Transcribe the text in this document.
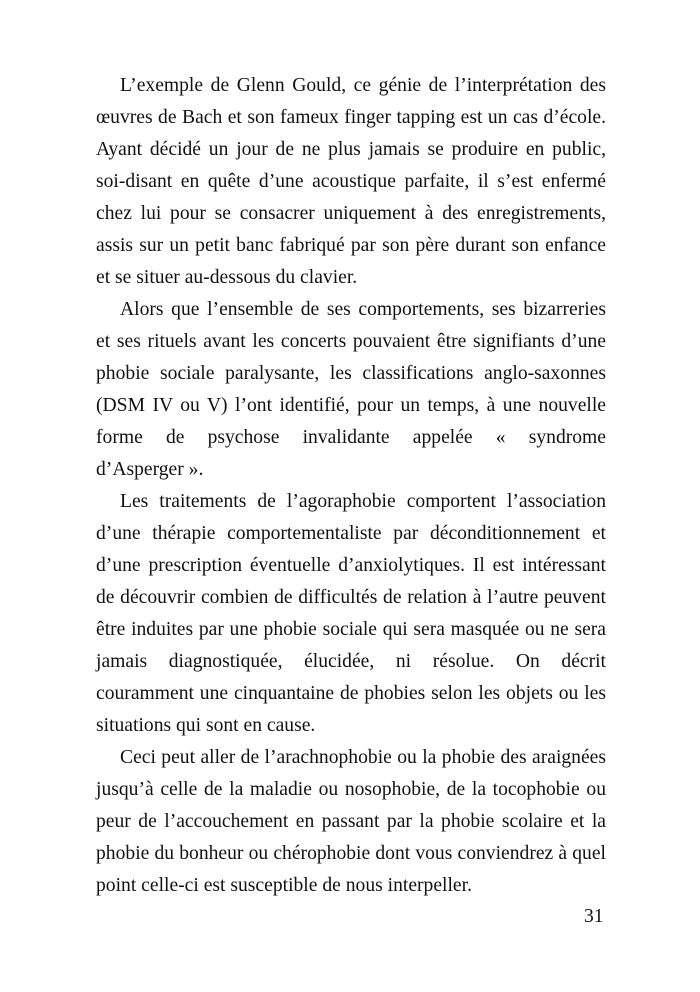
L’exemple de Glenn Gould, ce génie de l’interprétation des
œuvres de Bach et son fameux finger tapping est un cas d’école.
Ayant décidé un jour de ne plus jamais se produire en public,
soi-disant en quête d’une acoustique parfaite, il s’est enfermé
chez lui pour se consacrer uniquement à des enregistrements,
assis sur un petit banc fabriqué par son père durant son enfance
et se situer au-dessous du clavier.
Alors que l’ensemble de ses comportements, ses bizarreries
et ses rituels avant les concerts pouvaient être signifiants d’une
phobie sociale paralysante, les classifications anglo-saxonnes
(DSM IV ou V) l’ont identifié, pour un temps, à une nouvelle
forme de psychose invalidante appelée « syndrome
d’Asperger ».
Les traitements de l’agoraphobie comportent l’association
d’une thérapie comportementaliste par déconditionnement et
d’une prescription éventuelle d’anxiolytiques. Il est intéressant
de découvrir combien de difficultés de relation à l’autre peuvent
être induites par une phobie sociale qui sera masquée ou ne sera
jamais diagnostiquée, élucidée, ni résolue. On décrit
couramment une cinquantaine de phobies selon les objets ou les
situations qui sont en cause.
Ceci peut aller de l’arachnophobie ou la phobie des araignées
jusqu’à celle de la maladie ou nosophobie, de la tocophobie ou
peur de l’accouchement en passant par la phobie scolaire et la
phobie du bonheur ou chérophobie dont vous conviendrez à quel
point celle-ci est susceptible de nous interpeller.
31
